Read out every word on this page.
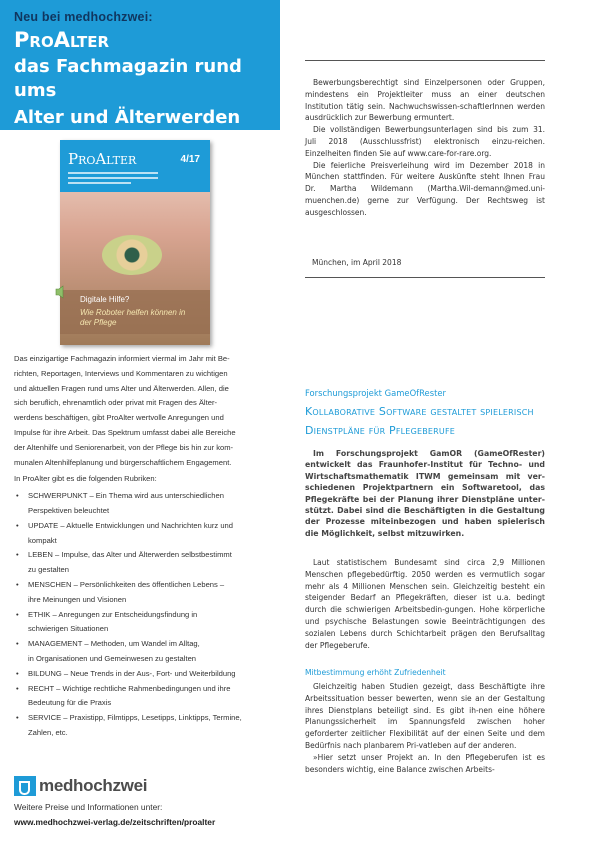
Neu bei medhochzwei:
ProAlter
das Fachmagazin rund ums
Alter und Älterwerden
ProAlter	4/17
Digitale Hilfe?
Wie Roboter helfen können in der Pflege

Das einzigartige Fachmagazin informiert viermal im Jahr mit Be-

richten, Reportagen, Interviews und Kommentaren zu wichtigen

und aktuellen Fragen rund ums Alter und Älterwerden. Allen, die

sich beruflich, ehrenamtlich oder privat mit Fragen des Älter-

werdens beschäftigen, gibt ProAlter wertvolle Anregungen und

Impulse für ihre Arbeit. Das Spektrum umfasst dabei alle Bereiche

der Altenhilfe und Seniorenarbeit, von der Pflege bis hin zur kom-

munalen Altenhilfeplanung und bürgerschaftlichem Engagement.

In ProAlter gibt es die folgenden Rubriken:

• SCHWERPUNKT – Ein Thema wird aus unterschiedlichen
Perspektiven beleuchtet
• UPDATE – Aktuelle Entwicklungen und Nachrichten kurz und
kompakt
• LEBEN – Impulse, das Alter und Älterwerden selbstbestimmt
zu gestalten
• MENSCHEN – Persönlichkeiten des öffentlichen Lebens –
ihre Meinungen und Visionen
• ETHIK – Anregungen zur Entscheidungsfindung in
schwierigen Situationen
• MANAGEMENT – Methoden, um Wandel im Alltag,
in Organisationen und Gemeinwesen zu gestalten
• BILDUNG – Neue Trends in der Aus-, Fort- und Weiterbildung
• RECHT – Wichtige rechtliche Rahmenbedingungen und ihre
Bedeutung für die Praxis
• SERVICE – Praxistipp, Filmtipps, Lesetipps, Linktipps, Termine,
Zahlen, etc.
medhochzwei
Weitere Preise und Informationen unter:
www.medhochzwei-verlag.de/zeitschriften/proalter

Bewerbungsberechtigt sind Einzelpersonen oder Gruppen, mindestens ein Projektleiter muss an einer deutschen Institution tätig sein. Nachwuchswissen-schaftlerInnen werden ausdrücklich zur Bewerbung ermuntert.

Die vollständigen Bewerbungsunterlagen sind bis zum 31. Juli 2018 (Ausschlussfrist) elektronisch einzu-reichen. Einzelheiten finden Sie auf www.care-for-rare.org.

Die feierliche Preisverleihung wird im Dezember 2018 in München stattfinden. Für weitere Auskünfte steht Ihnen Frau Dr. Martha Wildemann (Martha.Wil-demann@med.uni-muenchen.de) gerne zur Verfügung. Der Rechtsweg ist ausgeschlossen.

München, im April 2018
Forschungsprojekt GameOfRester
Kollaborative Software gestaltet spielerisch Dienstpläne für Pflegeberufe

Im Forschungsprojekt GamOR (GameOfRester) entwickelt das Fraunhofer-Institut für Techno- und Wirtschaftsmathematik ITWM gemeinsam mit ver-schiedenen Projektpartnern ein Softwaretool, das Pflegekräfte bei der Planung ihrer Dienstpläne unter-stützt. Dabei sind die Beschäftigten in die Gestaltung der Prozesse miteinbezogen und haben spielerisch die Möglichkeit, selbst mitzuwirken.

Laut statistischem Bundesamt sind circa 2,9 Millionen Menschen pflegebedürftig. 2050 werden es vermutlich sogar mehr als 4 Millionen Menschen sein. Gleichzeitig besteht ein steigender Bedarf an Pflegekräften, dieser ist u.a. bedingt durch die schwierigen Arbeitsbedin-gungen. Hohe körperliche und psychische Belastungen sowie Beeinträchtigungen des sozialen Lebens durch Schichtarbeit prägen den Berufsalltag der Pflegeberufe.

Mitbestimmung erhöht Zufriedenheit

Gleichzeitig haben Studien gezeigt, dass Beschäftigte ihre Arbeitssituation besser bewerten, wenn sie an der Gestaltung ihres Dienstplans beteiligt sind. Es gibt ih-nen eine höhere Planungssicherheit im Spannungsfeld zwischen hoher geforderter zeitlicher Flexibilität auf der einen Seite und dem Bedürfnis nach planbarem Pri-vatleben auf der anderen.

»Hier setzt unser Projekt an. In den Pflegeberufen ist es besonders wichtig, eine Balance zwischen Arbeits-
